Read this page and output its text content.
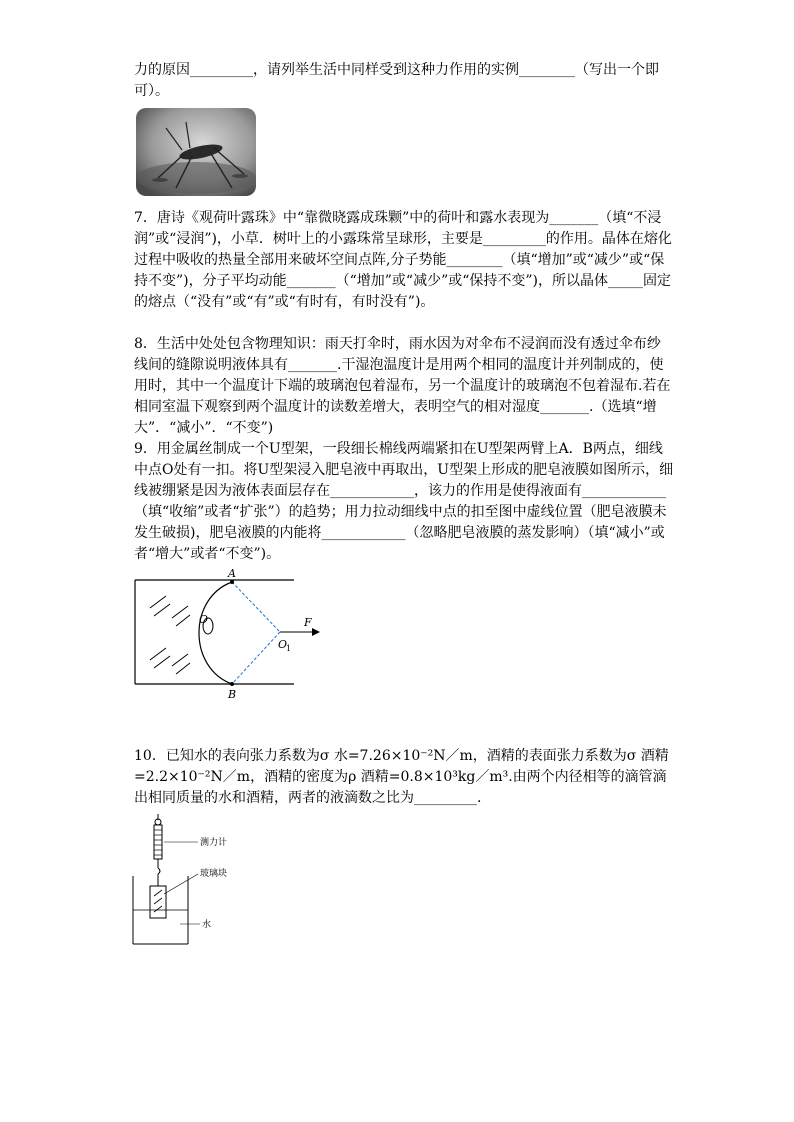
力的原因_________，请列举生活中同样受到这种力作用的实例________（写出一个即可）。
7．唐诗《观荷叶露珠》中“靠微晓露成珠颗”中的荷叶和露水表现为_______（填“不浸润”或“浸润”)，小草．树叶上的小露珠常呈球形，主要是_________的作用。晶体在熔化过程中吸收的热量全部用来破坏空间点阵,分子势能________（填“增加”或“减少”或“保持不变”)，分子平均动能_______（“增加”或“减少”或“保持不变”)，所以晶体_____固定的熔点（“没有”或“有”或“有时有，有时没有”)。
8．生活中处处包含物理知识：雨天打伞时，雨水因为对伞布不浸润而没有透过伞布纱线间的缝隙说明液体具有_______.干湿泡温度计是用两个相同的温度计并列制成的，使用时，其中一个温度计下端的玻璃泡包着湿布，另一个温度计的玻璃泡不包着湿布.若在相同室温下观察到两个温度计的读数差增大，表明空气的相对湿度_______.（选填“增大”．“减小”．“不变”)
9．用金属丝制成一个U型架，一段细长棉线两端紧扣在U型架两臂上A．B两点，细线中点O处有一扣。将U型架浸入肥皂液中再取出，U型架上形成的肥皂液膜如图所示，细线被绷紧是因为液体表面层存在____________，该力的作用是使得液面有____________（填“收缩”或者“扩张”）的趋势；用力拉动细线中点的扣至图中虚线位置（肥皂液膜未发生破损)，肥皂液膜的内能将____________（忽略肥皂液膜的蒸发影响）（填“减小”或者“增大”或者“不变”)。
A
B
O
O
1
F
10．已知水的表向张力系数为σ 水=7.26×10⁻²N／m，酒精的表面张力系数为σ 酒精=2.2×10⁻²N／m，酒精的密度为ρ 酒精=0.8×10³kg／m³.由两个内径相等的滴管滴出相同质量的水和酒精，两者的液滴数之比为_________.
测力计
玻璃块
水
